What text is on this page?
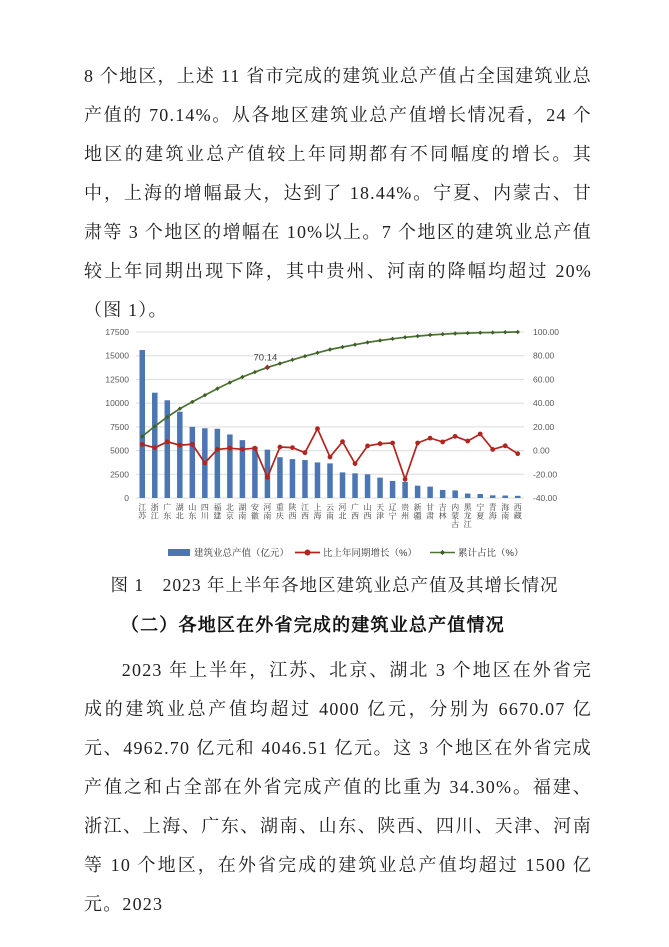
8 个地区，上述 11 省市完成的建筑业总产值占全国建筑业总产值的 70.14%。从各地区建筑业总产值增长情况看，24 个地区的建筑业总产值较上年同期都有不同幅度的增长。其中，上海的增幅最大，达到了 18.44%。宁夏、内蒙古、甘肃等 3 个地区的增幅在 10%以上。7 个地区的建筑业总产值较上年同期出现下降，其中贵州、河南的降幅均超过 20%（图 1）。
0
2500
5000
7500
10000
12500
15000
17500
-40.00
-20.00
0.00
20.00
40.00
60.00
80.00
100.00
江苏
浙江
广东
湖北
山东
四川
福建
北京
湖南
安徽
河南
重庆
陕西
江西
上海
云南
河北
广西
山西
天津
辽宁
贵州
新疆
甘肃
吉林
内蒙古
黑龙江
宁夏
青海
海南
西藏
70.14
建筑业总产值（亿元）	比上年同期增长（%）	累计占比（%）
图 1　2023 年上半年各地区建筑业总产值及其增长情况
（二）各地区在外省完成的建筑业总产值情况
2023 年上半年，江苏、北京、湖北 3 个地区在外省完成的建筑业总产值均超过 4000 亿元，分别为 6670.07 亿元、4962.70 亿元和 4046.51 亿元。这 3 个地区在外省完成产值之和占全部在外省完成产值的比重为 34.30%。福建、浙江、上海、广东、湖南、山东、陕西、四川、天津、河南等 10 个地区，在外省完成的建筑业总产值均超过 1500 亿元。2023
